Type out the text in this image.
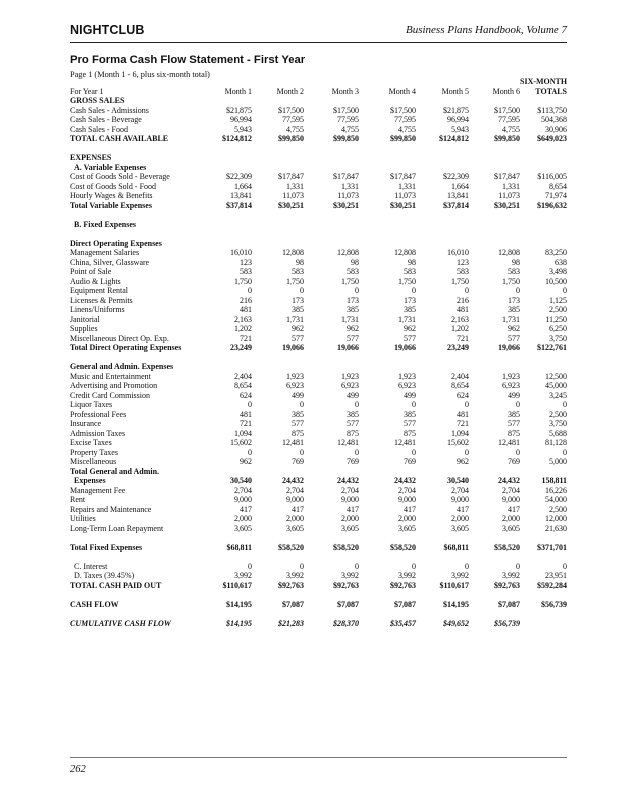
NIGHTCLUB	Business Plans Handbook, Volume 7
Pro Forma Cash Flow Statement - First Year
Page 1 (Month 1 - 6, plus six-month total)
							SIX-MONTH
For Year 1	Month 1	Month 2	Month 3	Month 4	Month 5	Month 6	TOTALS
GROSS SALES							
Cash Sales - Admissions	$21,875	$17,500	$17,500	$17,500	$21,875	$17,500	$113,750
Cash Sales - Beverage	96,994	77,595	77,595	77,595	96,994	77,595	504,368
Cash Sales - Food	5,943	4,755	4,755	4,755	5,943	4,755	30,906
TOTAL CASH AVAILABLE	$124,812	$99,850	$99,850	$99,850	$124,812	$99,850	$649,023

EXPENSES							
A. Variable Expenses							
Cost of Goods Sold - Beverage	$22,309	$17,847	$17,847	$17,847	$22,309	$17,847	$116,005
Cost of Goods Sold - Food	1,664	1,331	1,331	1,331	1,664	1,331	8,654
Hourly Wages & Benefits	13,841	11,073	11,073	11,073	13,841	11,073	71,974
Total Variable Expenses	$37,814	$30,251	$30,251	$30,251	$37,814	$30,251	$196,632

B. Fixed Expenses							

Direct Operating Expenses							
Management Salaries	16,010	12,808	12,808	12,808	16,010	12,808	83,250
China, Silver, Glassware	123	98	98	98	123	98	638
Point of Sale	583	583	583	583	583	583	3,498
Audio & Lights	1,750	1,750	1,750	1,750	1,750	1,750	10,500
Equipment Rental	0	0	0	0	0	0	0
Licenses & Permits	216	173	173	173	216	173	1,125
Linens/Uniforms	481	385	385	385	481	385	2,500
Janitorial	2,163	1,731	1,731	1,731	2,163	1,731	11,250
Supplies	1,202	962	962	962	1,202	962	6,250
Miscellaneous Direct Op. Exp.	721	577	577	577	721	577	3,750
Total Direct Operating Expenses	23,249	19,066	19,066	19,066	23,249	19,066	$122,761

General and Admin. Expenses							
Music and Entertainment	2,404	1,923	1,923	1,923	2,404	1,923	12,500
Advertising and Promotion	8,654	6,923	6,923	6,923	8,654	6,923	45,000
Credit Card Commission	624	499	499	499	624	499	3,245
Liquor Taxes	0	0	0	0	0	0	0
Professional Fees	481	385	385	385	481	385	2,500
Insurance	721	577	577	577	721	577	3,750
Admission Taxes	1,094	875	875	875	1,094	875	5,688
Excise Taxes	15,602	12,481	12,481	12,481	15,602	12,481	81,128
Property Taxes	0	0	0	0	0	0	0
Miscellaneous	962	769	769	769	962	769	5,000
Total General and Admin.							
Expenses	30,540	24,432	24,432	24,432	30,540	24,432	158,811
Management Fee	2,704	2,704	2,704	2,704	2,704	2,704	16,226
Rent	9,000	9,000	9,000	9,000	9,000	9,000	54,000
Repairs and Maintenance	417	417	417	417	417	417	2,500
Utilities	2,000	2,000	2,000	2,000	2,000	2,000	12,000
Long-Term Loan Repayment	3,605	3,605	3,605	3,605	3,605	3,605	21,630

Total Fixed Expenses	$68,811	$58,520	$58,520	$58,520	$68,811	$58,520	$371,701

C. Interest	0	0	0	0	0	0	0
D. Taxes (39.45%)	3,992	3,992	3,992	3,992	3,992	3,992	23,951
TOTAL CASH PAID OUT	$110,617	$92,763	$92,763	$92,763	$110,617	$92,763	$592,284

CASH FLOW	$14,195	$7,087	$7,087	$7,087	$14,195	$7,087	$56,739

CUMULATIVE CASH FLOW	$14,195	$21,283	$28,370	$35,457	$49,652	$56,739	
262
